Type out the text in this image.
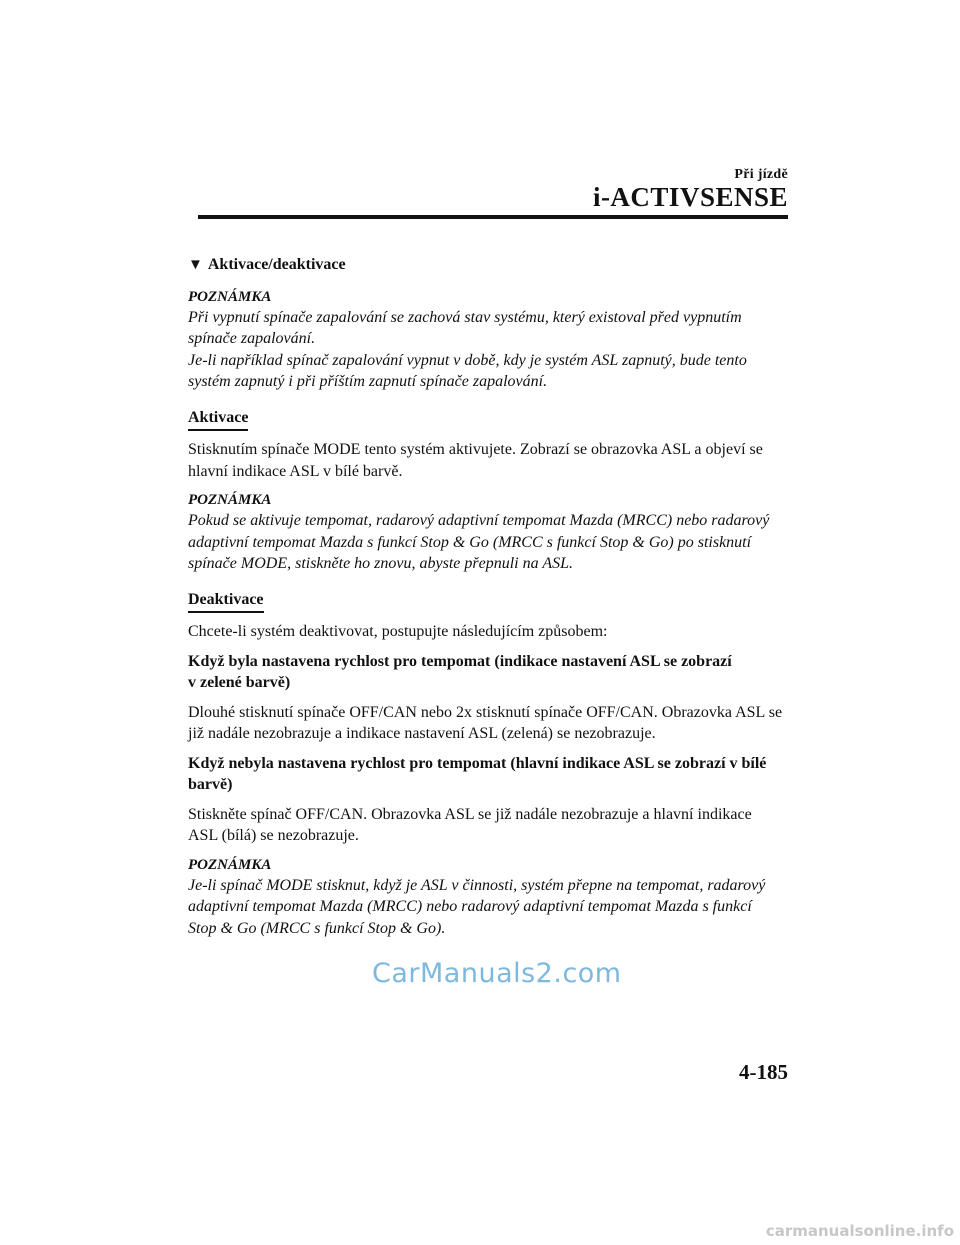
Při jízdě
i-ACTIVSENSE
▼ Aktivace/deaktivace
POZNÁMKA
Při vypnutí spínače zapalování se zachová stav systému, který existoval před vypnutím
spínače zapalování.
Je-li například spínač zapalování vypnut v době, kdy je systém ASL zapnutý, bude tento
systém zapnutý i při příštím zapnutí spínače zapalování.
Aktivace
Stisknutím spínače MODE tento systém aktivujete. Zobrazí se obrazovka ASL a objeví se
hlavní indikace ASL v bílé barvě.
POZNÁMKA
Pokud se aktivuje tempomat, radarový adaptivní tempomat Mazda (MRCC) nebo radarový
adaptivní tempomat Mazda s funkcí Stop & Go (MRCC s funkcí Stop & Go) po stisknutí
spínače MODE, stiskněte ho znovu, abyste přepnuli na ASL.
Deaktivace
Chcete-li systém deaktivovat, postupujte následujícím způsobem:
Když byla nastavena rychlost pro tempomat (indikace nastavení ASL se zobrazí
v zelené barvě)
Dlouhé stisknutí spínače OFF/CAN nebo 2x stisknutí spínače OFF/CAN. Obrazovka ASL se
již nadále nezobrazuje a indikace nastavení ASL (zelená) se nezobrazuje.
Když nebyla nastavena rychlost pro tempomat (hlavní indikace ASL se zobrazí v bílé
barvě)
Stiskněte spínač OFF/CAN. Obrazovka ASL se již nadále nezobrazuje a hlavní indikace
ASL (bílá) se nezobrazuje.
POZNÁMKA
Je-li spínač MODE stisknut, když je ASL v činnosti, systém přepne na tempomat, radarový
adaptivní tempomat Mazda (MRCC) nebo radarový adaptivní tempomat Mazda s funkcí
Stop & Go (MRCC s funkcí Stop & Go).
CarManuals2.com
4-185
carmanualsonline.info
